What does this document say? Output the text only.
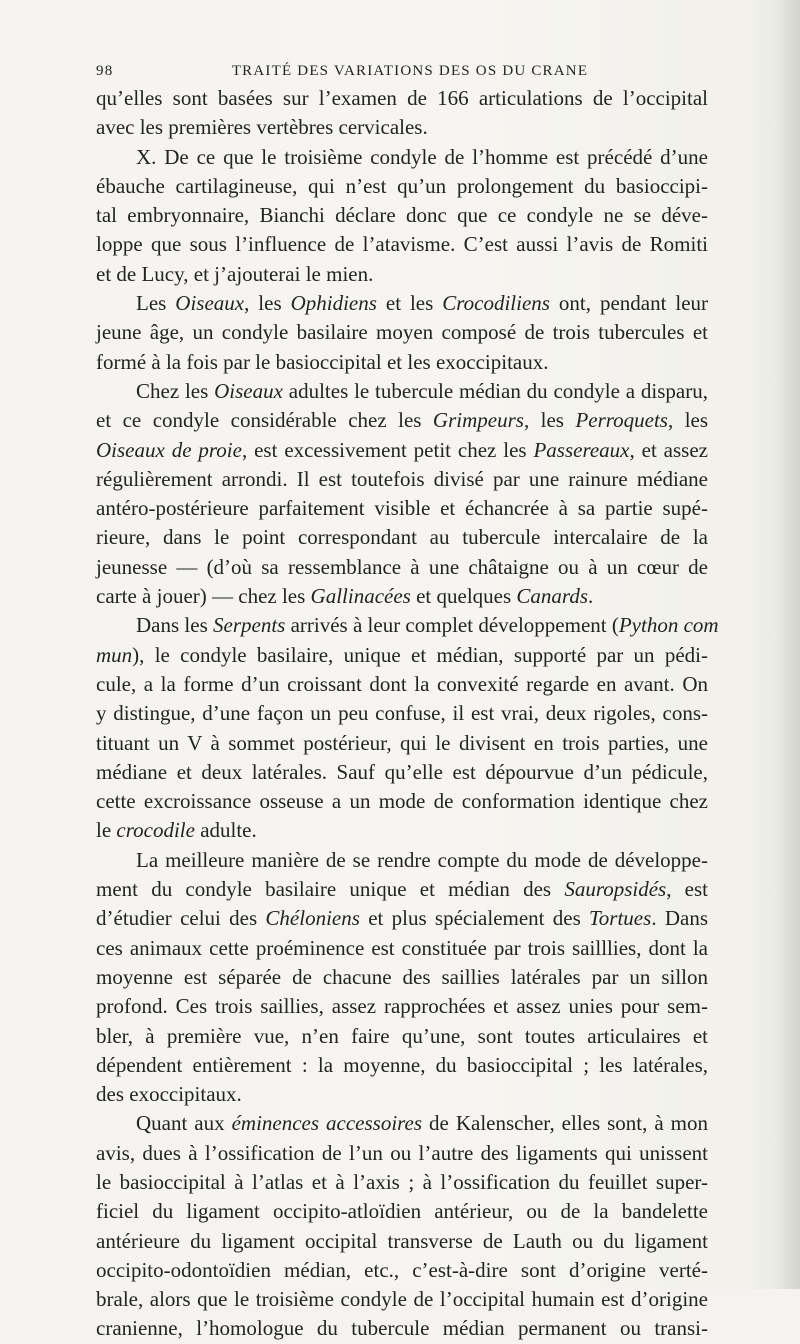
98	TRAITÉ DES VARIATIONS DES OS DU CRANE
qu’elles sont basées sur l’examen de 166 articulations de l’occipital
avec les premières vertèbres cervicales.
X. De ce que le troisième condyle de l’homme est précédé d’une
ébauche cartilagineuse, qui n’est qu’un prolongement du basioccipi-
tal embryonnaire, Bianchi déclare donc que ce condyle ne se déve-
loppe que sous l’influence de l’atavisme. C’est aussi l’avis de Romiti
et de Lucy, et j’ajouterai le mien.
Les Oiseaux, les Ophidiens et les Crocodiliens ont, pendant leur
jeune âge, un condyle basilaire moyen composé de trois tubercules et
formé à la fois par le basioccipital et les exoccipitaux.
Chez les Oiseaux adultes le tubercule médian du condyle a disparu,
et ce condyle considérable chez les Grimpeurs, les Perroquets, les
Oiseaux de proie, est excessivement petit chez les Passereaux, et assez
régulièrement arrondi. Il est toutefois divisé par une rainure médiane
antéro-postérieure parfaitement visible et échancrée à sa partie supé-
rieure, dans le point correspondant au tubercule intercalaire de la
jeunesse — (d’où sa ressemblance à une châtaigne ou à un cœur de
carte à jouer) — chez les Gallinacées et quelques Canards.
Dans les Serpents arrivés à leur complet développement (Python com
mun), le condyle basilaire, unique et médian, supporté par un pédi-
cule, a la forme d’un croissant dont la convexité regarde en avant. On
y distingue, d’une façon un peu confuse, il est vrai, deux rigoles, cons-
tituant un V à sommet postérieur, qui le divisent en trois parties, une
médiane et deux latérales. Sauf qu’elle est dépourvue d’un pédicule,
cette excroissance osseuse a un mode de conformation identique chez
le crocodile adulte.
La meilleure manière de se rendre compte du mode de développe-
ment du condyle basilaire unique et médian des Sauropsidés, est
d’étudier celui des Chéloniens et plus spécialement des Tortues. Dans
ces animaux cette proéminence est constituée par trois sailllies, dont la
moyenne est séparée de chacune des saillies latérales par un sillon
profond. Ces trois saillies, assez rapprochées et assez unies pour sem-
bler, à première vue, n’en faire qu’une, sont toutes articulaires et
dépendent entièrement : la moyenne, du basioccipital ; les latérales,
des exoccipitaux.
Quant aux éminences accessoires de Kalenscher, elles sont, à mon
avis, dues à l’ossification de l’un ou l’autre des ligaments qui unissent
le basioccipital à l’atlas et à l’axis ; à l’ossification du feuillet super-
ficiel du ligament occipito-atloïdien antérieur, ou de la bandelette
antérieure du ligament occipital transverse de Lauth ou du ligament
occipito-odontoïdien médian, etc., c’est-à-dire sont d’origine verté-
brale, alors que le troisième condyle de l’occipital humain est d’origine
cranienne, l’homologue du tubercule médian permanent ou transi-
